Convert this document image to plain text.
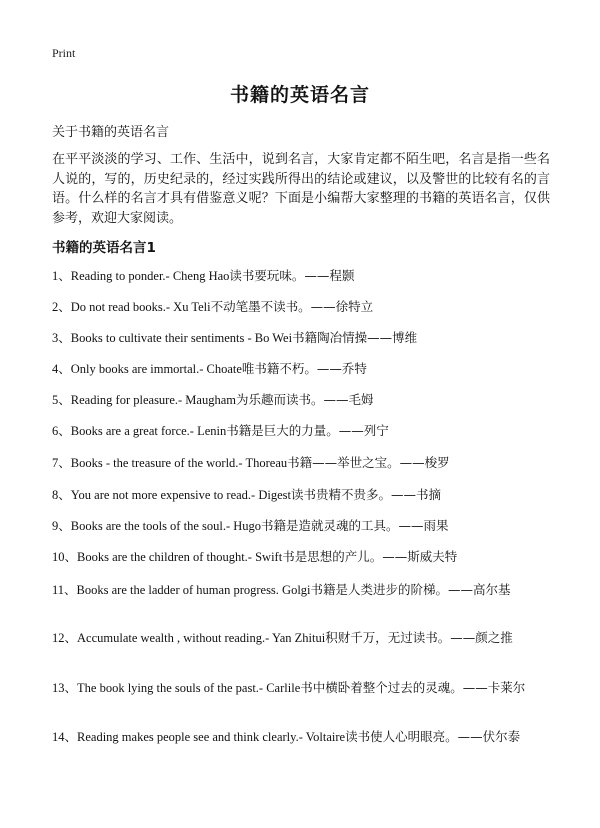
Print
书籍的英语名言
关于书籍的英语名言
在平平淡淡的学习、工作、生活中，说到名言，大家肯定都不陌生吧，名言是指一些名人说的，写的，历史纪录的，经过实践所得出的结论或建议，以及警世的比较有名的言语。什么样的名言才具有借鉴意义呢？下面是小编帮大家整理的书籍的英语名言，仅供参考，欢迎大家阅读。
书籍的英语名言1
1、Reading to ponder.- Cheng Hao读书要玩味。——程颢
2、Do not read books.- Xu Teli不动笔墨不读书。——徐特立
3、Books to cultivate their sentiments - Bo Wei书籍陶冶情操——博维
4、Only books are immortal.- Choate唯书籍不朽。——乔特
5、Reading for pleasure.- Maugham为乐趣而读书。——毛姆
6、Books are a great force.- Lenin书籍是巨大的力量。——列宁
7、Books - the treasure of the world.- Thoreau书籍——举世之宝。——梭罗
8、You are not more expensive to read.- Digest读书贵精不贵多。——书摘
9、Books are the tools of the soul.- Hugo书籍是造就灵魂的工具。——雨果
10、Books are the children of thought.- Swift书是思想的产儿。——斯威夫特
11、Books are the ladder of human progress. Golgi书籍是人类进步的阶梯。——高尔基
12、Accumulate wealth , without reading.- Yan Zhitui积财千万，无过读书。——颜之推
13、The book lying the souls of the past.- Carlile书中横卧着整个过去的灵魂。——卡莱尔
14、Reading makes people see and think clearly.- Voltaire读书使人心明眼亮。——伏尔泰
